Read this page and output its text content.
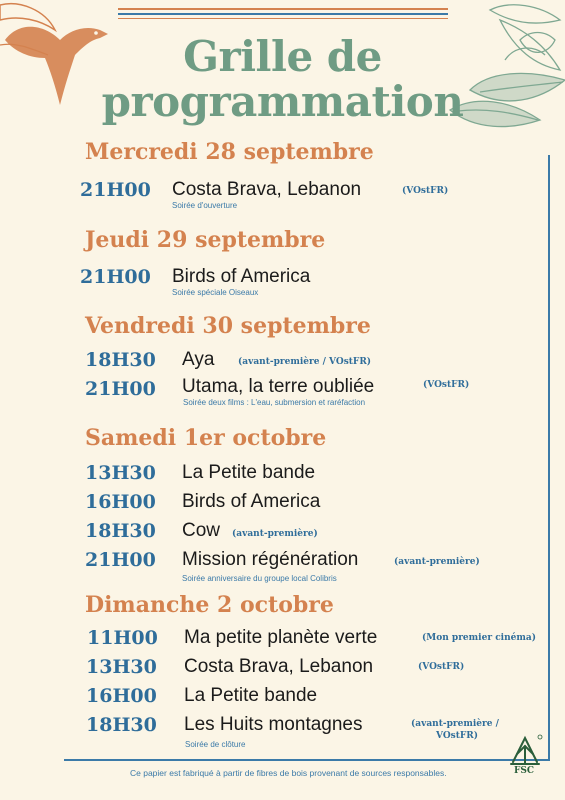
Grille de
programmation
Mercredi 28 septembre
21H00 Costa Brava, Lebanon	(VOstFR)
Soirée d'ouverture
Jeudi 29 septembre
21H00 Birds of America
Soirée spéciale Oiseaux
Vendredi 30 septembre
18H30 Aya	(avant-première / VOstFR)
21H00 Utama, la terre oubliée	(VOstFR)
Soirée deux films : L'eau, submersion et raréfaction
Samedi 1er octobre
13H30 La Petite bande
16H00 Birds of America
18H30 Cow (avant-première)
21H00 Mission régénération	(avant-première)
Soirée anniversaire du groupe local Colibris
Dimanche 2 octobre
11H00 Ma petite planète verte	(Mon premier cinéma)
13H30 Costa Brava, Lebanon	(VOstFR)
16H00 La Petite bande
18H30 Les Huits montagnes	(avant-première /
VOstFR)
Soirée de clôture
FSC
Ce papier est fabriqué à partir de fibres de bois provenant de sources responsables.
